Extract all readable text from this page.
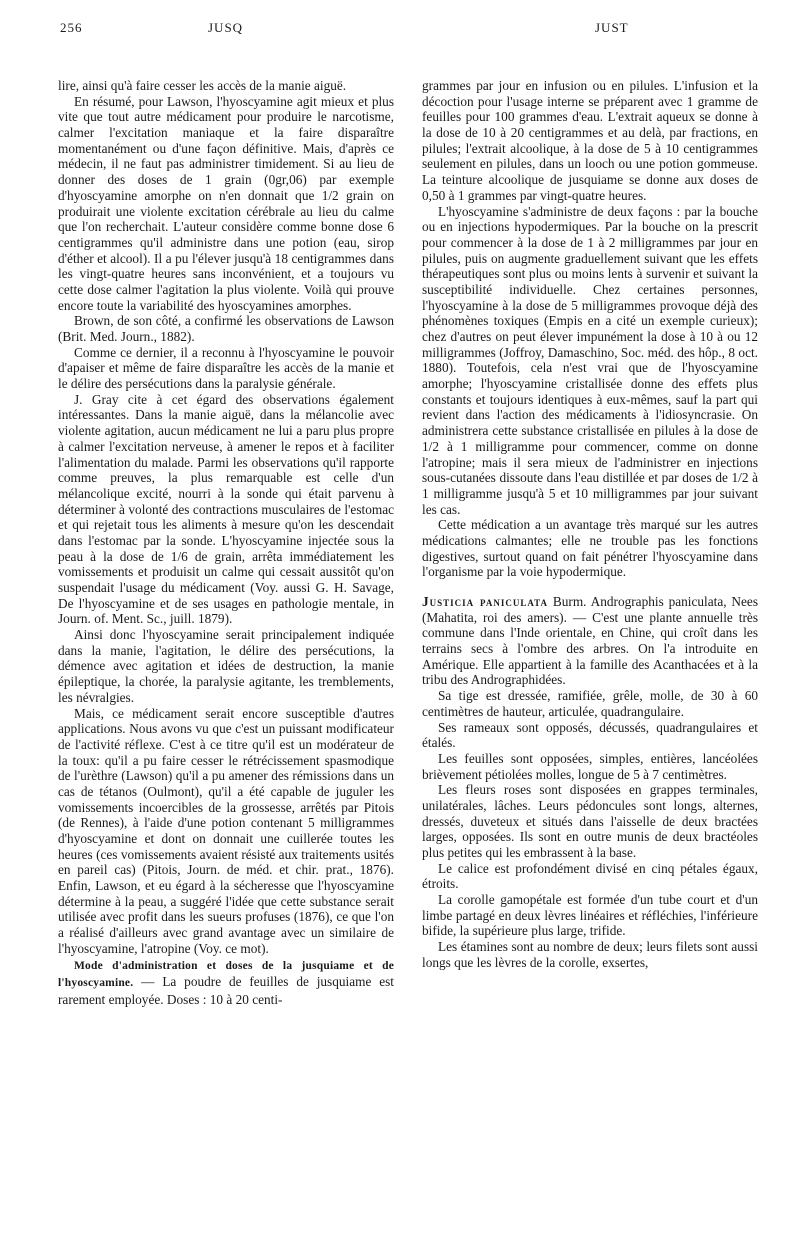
256	JUSQ	JUST

lire, ainsi qu'à faire cesser les accès de la manie aiguë.

En résumé, pour Lawson, l'hyoscyamine agit mieux et plus vite que tout autre médicament pour produire le narcotisme, calmer l'excitation maniaque et la faire disparaître momentanément ou d'une façon définitive. Mais, d'après ce médecin, il ne faut pas administrer timidement. Si au lieu de donner des doses de 1 grain (0gr,06) par exemple d'hyoscyamine amorphe on n'en donnait que 1/2 grain on produirait une violente excitation cérébrale au lieu du calme que l'on recherchait. L'auteur considère comme bonne dose 6 centigrammes qu'il administre dans une potion (eau, sirop d'éther et alcool). Il a pu l'élever jusqu'à 18 centigrammes dans les vingt-quatre heures sans inconvénient, et a toujours vu cette dose calmer l'agitation la plus violente. Voilà qui prouve encore toute la variabilité des hyoscyamines amorphes.

Brown, de son côté, a confirmé les observations de Lawson (Brit. Med. Journ., 1882).

Comme ce dernier, il a reconnu à l'hyoscyamine le pouvoir d'apaiser et même de faire disparaître les accès de la manie et le délire des persécutions dans la paralysie générale.

J. Gray cite à cet égard des observations également intéressantes. Dans la manie aiguë, dans la mélancolie avec violente agitation, aucun médicament ne lui a paru plus propre à calmer l'excitation nerveuse, à amener le repos et à faciliter l'alimentation du malade. Parmi les observations qu'il rapporte comme preuves, la plus remarquable est celle d'un mélancolique excité, nourri à la sonde qui était parvenu à déterminer à volonté des contractions musculaires de l'estomac et qui rejetait tous les aliments à mesure qu'on les descendait dans l'estomac par la sonde. L'hyoscyamine injectée sous la peau à la dose de 1/6 de grain, arrêta immédiatement les vomissements et produisit un calme qui cessait aussitôt qu'on suspendait l'usage du médicament (Voy. aussi G. H. Savage, De l'hyoscyamine et de ses usages en pathologie mentale, in Journ. of. Ment. Sc., juill. 1879).

Ainsi donc l'hyoscyamine serait principalement indiquée dans la manie, l'agitation, le délire des persécutions, la démence avec agitation et idées de destruction, la manie épileptique, la chorée, la paralysie agitante, les tremblements, les névralgies.

Mais, ce médicament serait encore susceptible d'autres applications. Nous avons vu que c'est un puissant modificateur de l'activité réflexe. C'est à ce titre qu'il est un modérateur de la toux: qu'il a pu faire cesser le rétrécissement spasmodique de l'urèthre (Lawson) qu'il a pu amener des rémissions dans un cas de tétanos (Oulmont), qu'il a été capable de juguler les vomissements incoercibles de la grossesse, arrêtés par Pitois (de Rennes), à l'aide d'une potion contenant 5 milligrammes d'hyoscyamine et dont on donnait une cuillerée toutes les heures (ces vomissements avaient résisté aux traitements usités en pareil cas) (Pitois, Journ. de méd. et chir. prat., 1876). Enfin, Lawson, et eu égard à la sécheresse que l'hyoscyamine détermine à la peau, a suggéré l'idée que cette substance serait utilisée avec profit dans les sueurs profuses (1876), ce que l'on a réalisé d'ailleurs avec grand avantage avec un similaire de l'hyoscyamine, l'atropine (Voy. ce mot).

Mode d'administration et doses de la jusquiame et de l'hyoscyamine. — La poudre de feuilles de jusquiame est rarement employée. Doses : 10 à 20 centi-

grammes par jour en infusion ou en pilules. L'infusion et la décoction pour l'usage interne se préparent avec 1 gramme de feuilles pour 100 grammes d'eau. L'extrait aqueux se donne à la dose de 10 à 20 centigrammes et au delà, par fractions, en pilules; l'extrait alcoolique, à la dose de 5 à 10 centigrammes seulement en pilules, dans un looch ou une potion gommeuse. La teinture alcoolique de jusquiame se donne aux doses de 0,50 à 1 grammes par vingt-quatre heures.

L'hyoscyamine s'administre de deux façons : par la bouche ou en injections hypodermiques. Par la bouche on la prescrit pour commencer à la dose de 1 à 2 milligrammes par jour en pilules, puis on augmente graduellement suivant que les effets thérapeutiques sont plus ou moins lents à survenir et suivant la susceptibilité individuelle. Chez certaines personnes, l'hyoscyamine à la dose de 5 milligrammes provoque déjà des phénomènes toxiques (Empis en a cité un exemple curieux); chez d'autres on peut élever impunément la dose à 10 à ou 12 milligrammes (Joffroy, Damaschino, Soc. méd. des hôp., 8 oct. 1880). Toutefois, cela n'est vrai que de l'hyoscyamine amorphe; l'hyoscyamine cristallisée donne des effets plus constants et toujours identiques à eux-mêmes, sauf la part qui revient dans l'action des médicaments à l'idiosyncrasie. On administrera cette substance cristallisée en pilules à la dose de 1/2 à 1 milligramme pour commencer, comme on donne l'atropine; mais il sera mieux de l'administrer en injections sous-cutanées dissoute dans l'eau distillée et par doses de 1/2 à 1 milligramme jusqu'à 5 et 10 milligrammes par jour suivant les cas.

Cette médication a un avantage très marqué sur les autres médications calmantes; elle ne trouble pas les fonctions digestives, surtout quand on fait pénétrer l'hyoscyamine dans l'organisme par la voie hypodermique.

Justicia paniculata Burm. Andrographis paniculata, Nees (Mahatita, roi des amers). — C'est une plante annuelle très commune dans l'Inde orientale, en Chine, qui croît dans les terrains secs à l'ombre des arbres. On l'a introduite en Amérique. Elle appartient à la famille des Acanthacées et à la tribu des Andrographidées.

Sa tige est dressée, ramifiée, grêle, molle, de 30 à 60 centimètres de hauteur, articulée, quadrangulaire.

Ses rameaux sont opposés, décussés, quadrangulaires et étalés.

Les feuilles sont opposées, simples, entières, lancéolées brièvement pétiolées molles, longue de 5 à 7 centimètres.

Les fleurs roses sont disposées en grappes terminales, unilatérales, lâches. Leurs pédoncules sont longs, alternes, dressés, duveteux et situés dans l'aisselle de deux bractées larges, opposées. Ils sont en outre munis de deux bractéoles plus petites qui les embrassent à la base.

Le calice est profondément divisé en cinq pétales égaux, étroits.

La corolle gamopétale est formée d'un tube court et d'un limbe partagé en deux lèvres linéaires et réfléchies, l'inférieure bifide, la supérieure plus large, trifide.

Les étamines sont au nombre de deux; leurs filets sont aussi longs que les lèvres de la corolle, exsertes,
